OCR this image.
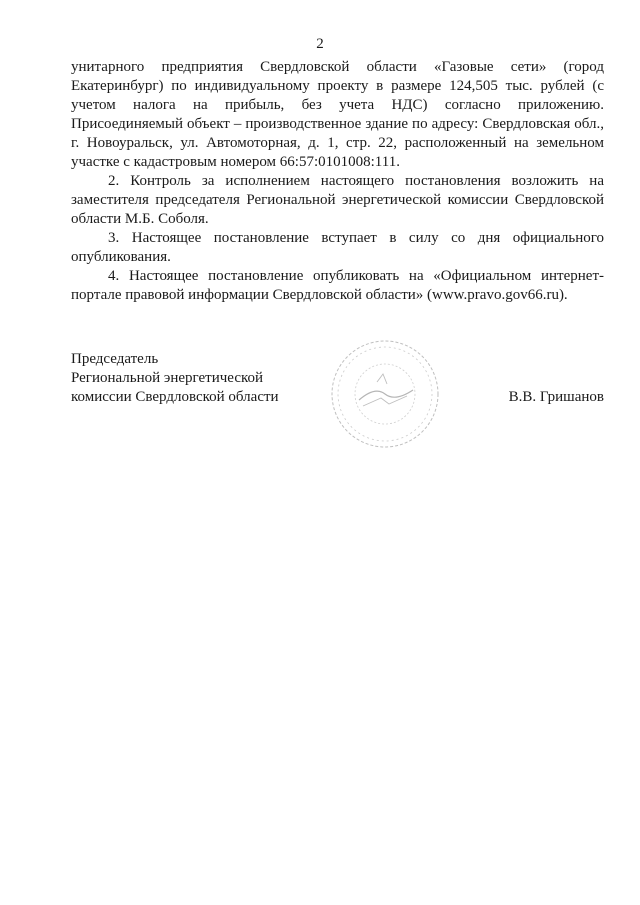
2

унитарного предприятия Свердловской области «Газовые сети» (город Екатеринбург) по индивидуальному проекту в размере 124,505 тыс. рублей (с учетом налога на прибыль, без учета НДС) согласно приложению. Присоединяемый объект – производственное здание по адресу: Свердловская обл., г. Новоуральск, ул. Автомоторная, д. 1, стр. 22, расположенный на земельном участке с кадастровым номером 66:57:0101008:111.

2. Контроль за исполнением настоящего постановления возложить на заместителя председателя Региональной энергетической комиссии Свердловской области М.Б. Соболя.

3. Настоящее постановление вступает в силу со дня официального опубликования.

4. Настоящее постановление опубликовать на «Официальном интернет-портале правовой информации Свердловской области» (www.pravo.gov66.ru).

Председатель
Региональной энергетической
комиссии Свердловской области	В.В. Гришанов
